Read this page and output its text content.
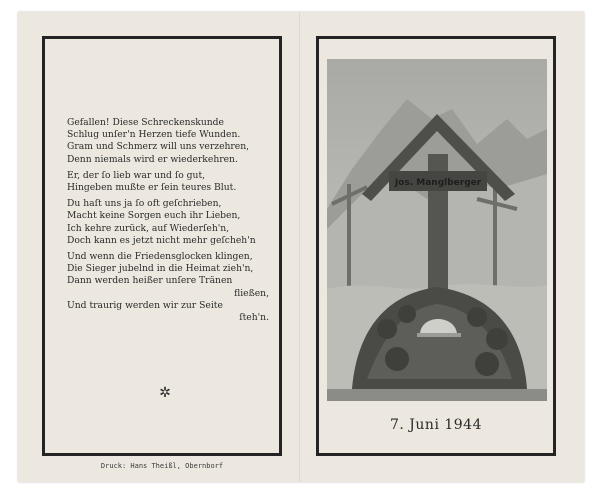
Gefallen! Diese Schreckenskunde
Schlug unſer'n Herzen tiefe Wunden.
Gram und Schmerz will uns verzehren,
Denn niemals wird er wiederkehren.
Er, der ſo lieb war und ſo gut,
Hingeben mußte er ſein teures Blut.
Du haſt uns ja ſo oft geſchrieben,
Macht keine Sorgen euch ihr Lieben,
Ich kehre zurück, auf Wiederſeh'n,
Doch kann es jetzt nicht mehr geſcheh'n
Und wenn die Friedensglocken klingen,
Die Sieger jubelnd in die Heimat zieh'n,
Dann werden heißer unſere Tränen
fließen,
Und traurig werden wir zur Seite
ſteh'n.
✲
Druck: Hans Theißl, Obernborf
Jos. Manglberger
7. Juni 1944
